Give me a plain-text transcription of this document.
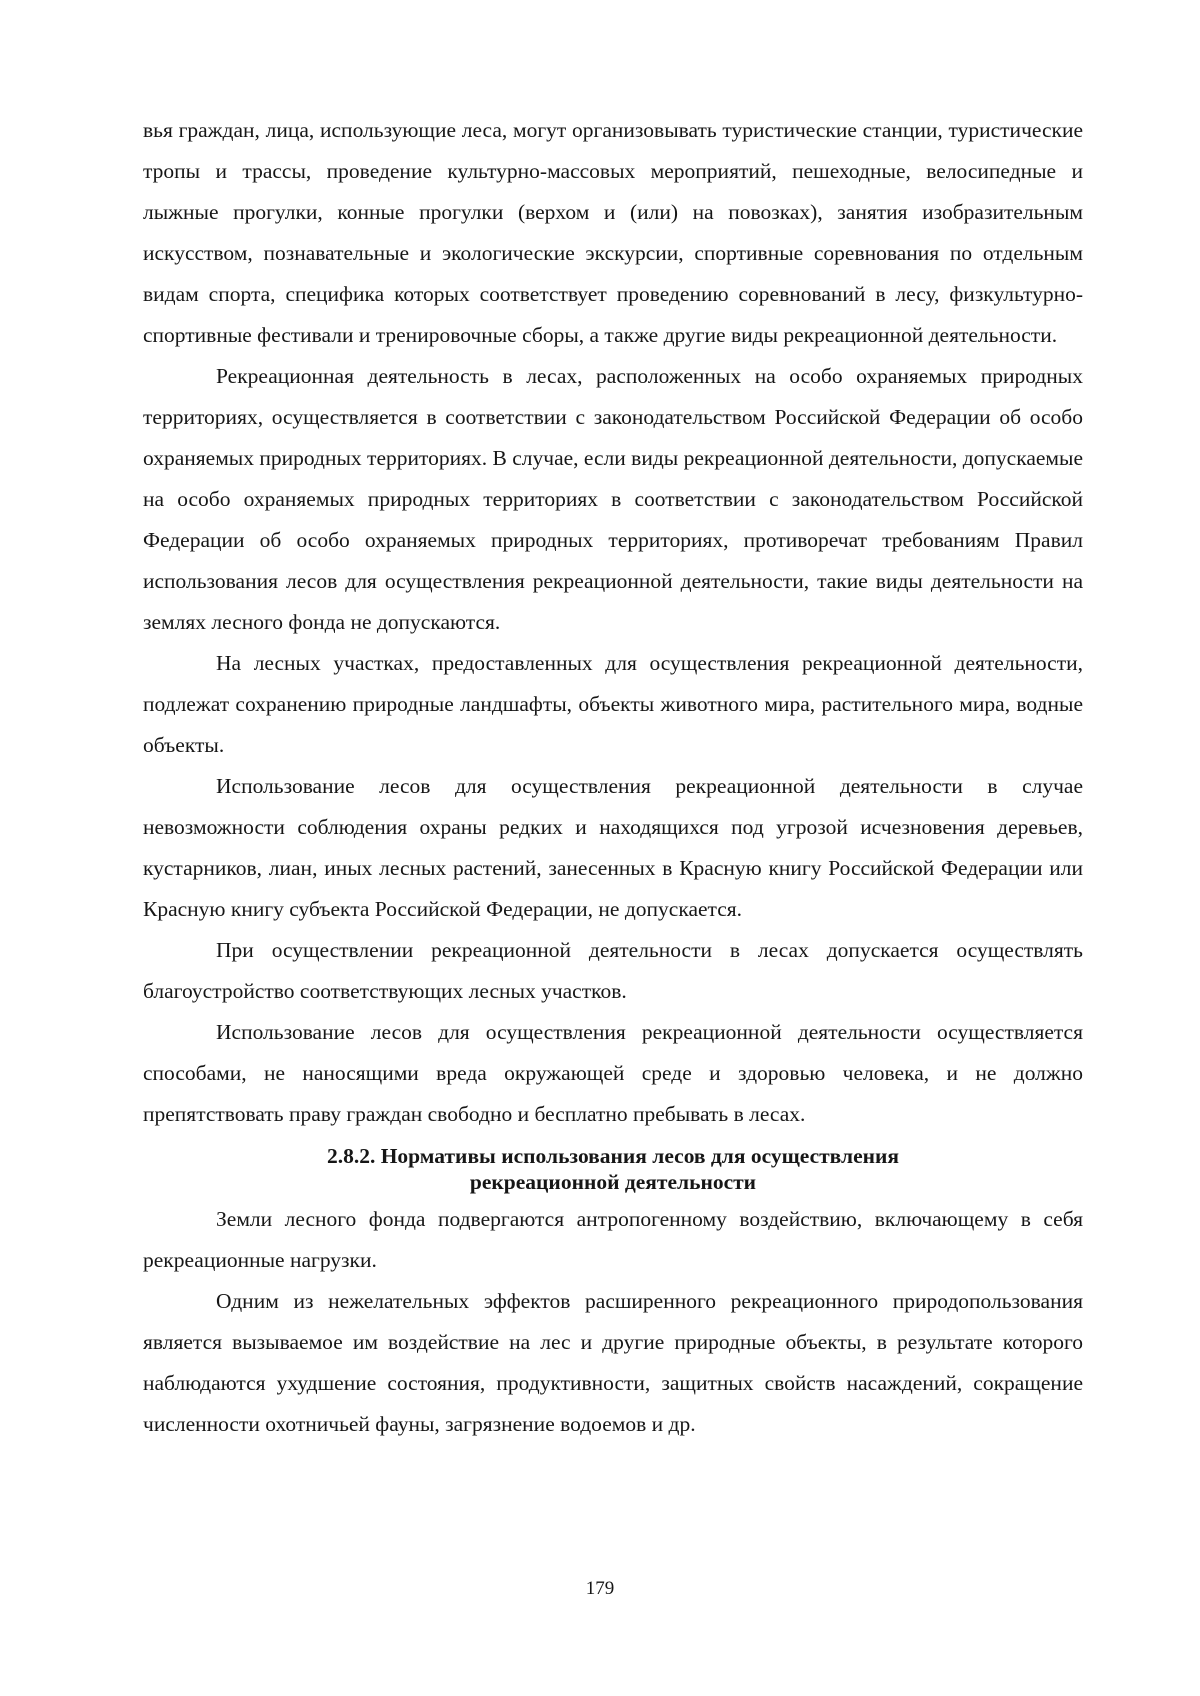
вья граждан, лица, использующие леса, могут организовывать туристические станции, туристические тропы и трассы, проведение культурно-массовых мероприятий, пешеходные, велосипедные и лыжные прогулки, конные прогулки (верхом и (или) на повозках), занятия изобразительным искусством, познавательные и экологические экскурсии, спортивные соревнования по отдельным видам спорта, специфика которых соответствует проведению соревнований в лесу, физкультурно-спортивные фестивали и тренировочные сборы, а также другие виды рекреационной деятельности.

Рекреационная деятельность в лесах, расположенных на особо охраняемых природных территориях, осуществляется в соответствии с законодательством Российской Федерации об особо охраняемых природных территориях. В случае, если виды рекреационной деятельности, допускаемые на особо охраняемых природных территориях в соответствии с законодательством Российской Федерации об особо охраняемых природных территориях, противоречат требованиям Правил использования лесов для осуществления рекреационной деятельности, такие виды деятельности на землях лесного фонда не допускаются.

На лесных участках, предоставленных для осуществления рекреационной деятельности, подлежат сохранению природные ландшафты, объекты животного мира, растительного мира, водные объекты.

Использование лесов для осуществления рекреационной деятельности в случае невозможности соблюдения охраны редких и находящихся под угрозой исчезновения деревьев, кустарников, лиан, иных лесных растений, занесенных в Красную книгу Российской Федерации или Красную книгу субъекта Российской Федерации, не допускается.

При осуществлении рекреационной деятельности в лесах допускается осуществлять благоустройство соответствующих лесных участков.

Использование лесов для осуществления рекреационной деятельности осуществляется способами, не наносящими вреда окружающей среде и здоровью человека, и не должно препятствовать праву граждан свободно и бесплатно пребывать в лесах.

2.8.2. Нормативы использования лесов для осуществления
рекреационной деятельности

Земли лесного фонда подвергаются антропогенному воздействию, включающему в себя рекреационные нагрузки.

Одним из нежелательных эффектов расширенного рекреационного природопользования является вызываемое им воздействие на лес и другие природные объекты, в результате которого наблюдаются ухудшение состояния, продуктивности, защитных свойств насаждений, сокращение численности охотничьей фауны, загрязнение водоемов и др.

179
